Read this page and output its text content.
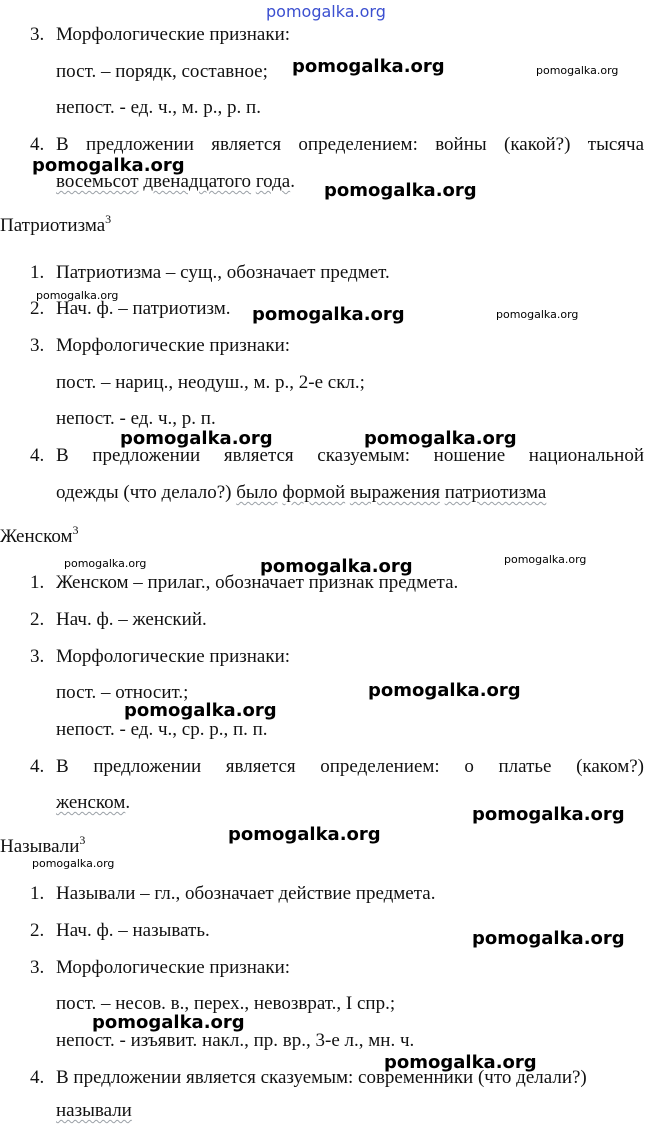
pomogalka.org
3. Морфологические признаки:
пост. – порядк, составное;
непост. - ед. ч., м. р., р. п.
4. В предложении является определением: войны (какой?) тысяча
восемьсот двенадцатого года.
Патриотизма$^3$
1. Патриотизма – сущ., обозначает предмет.
2. Нач. ф. – патриотизм.
3. Морфологические признаки:
пост. – нариц., неодуш., м. р., 2-е скл.;
непост. - ед. ч., р. п.
4. В предложении является сказуемым: ношение национальной
одежды (что делало?) было формой выражения патриотизма
Женском$^3$
1. Женском – прилаг., обозначает признак предмета.
2. Нач. ф. – женский.
3. Морфологические признаки:
пост. – относит.;
непост. - ед. ч., ср. р., п. п.
4. В предложении является определением: о платье (каком?)
женском.
Называли$^3$
1. Называли – гл., обозначает действие предмета.
2. Нач. ф. – называть.
3. Морфологические признаки:
пост. – несов. в., перех., невозврат., I спр.;
непост. - изъявит. накл., пр. вр., 3-е л., мн. ч.
4. В предложении является сказуемым: современники (что делали?)
называли
pomogalka.org	pomogalka.org
pomogalka.org
pomogalka.org
pomogalka.org
pomogalka.org	pomogalka.org
pomogalka.org	pomogalka.org
pomogalka.org	pomogalka.org	pomogalka.org
pomogalka.org
pomogalka.org
pomogalka.org
pomogalka.org
pomogalka.org
pomogalka.org
pomogalka.org
pomogalka.org
